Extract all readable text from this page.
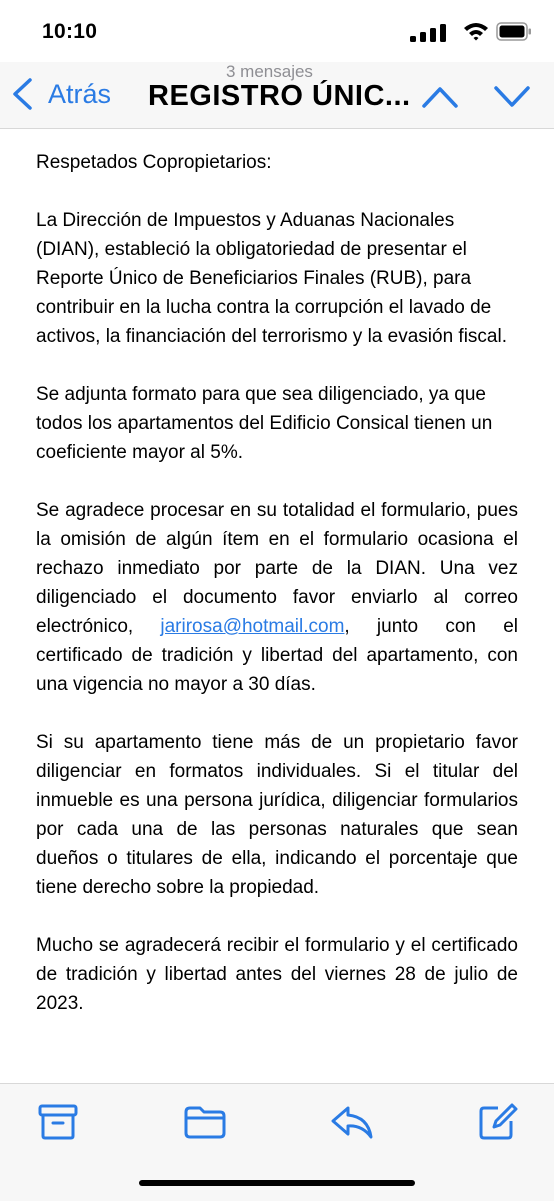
10:10
Atrás
3 mensajes
REGISTRO ÚNIC...

Respetados Copropietarios:

La Dirección de Impuestos y Aduanas Nacionales (DIAN), estableció la obligatoriedad de presentar el Reporte Único de Beneficiarios Finales (RUB), para contribuir en la lucha contra la corrupción el lavado de activos, la financiación del terrorismo y la evasión fiscal.

Se adjunta formato para que sea diligenciado, ya que todos los apartamentos del Edificio Consical tienen un coeficiente mayor al 5%.

Se agradece procesar en su totalidad el formulario, pues la omisión de algún ítem en el formulario ocasiona el rechazo inmediato por parte de la DIAN. Una vez diligenciado el documento favor enviarlo al correo electrónico, jarirosa@hotmail.com, junto con el certificado de tradición y libertad del apartamento, con una vigencia no mayor a 30 días.

Si su apartamento tiene más de un propietario favor diligenciar en formatos individuales. Si el titular del inmueble es una persona jurídica, diligenciar formularios por cada una de las personas naturales que sean dueños o titulares de ella, indicando el porcentaje que tiene derecho sobre la propiedad.

Mucho se agradecerá recibir el formulario y el certificado de tradición y libertad antes del viernes 28 de julio de 2023.
